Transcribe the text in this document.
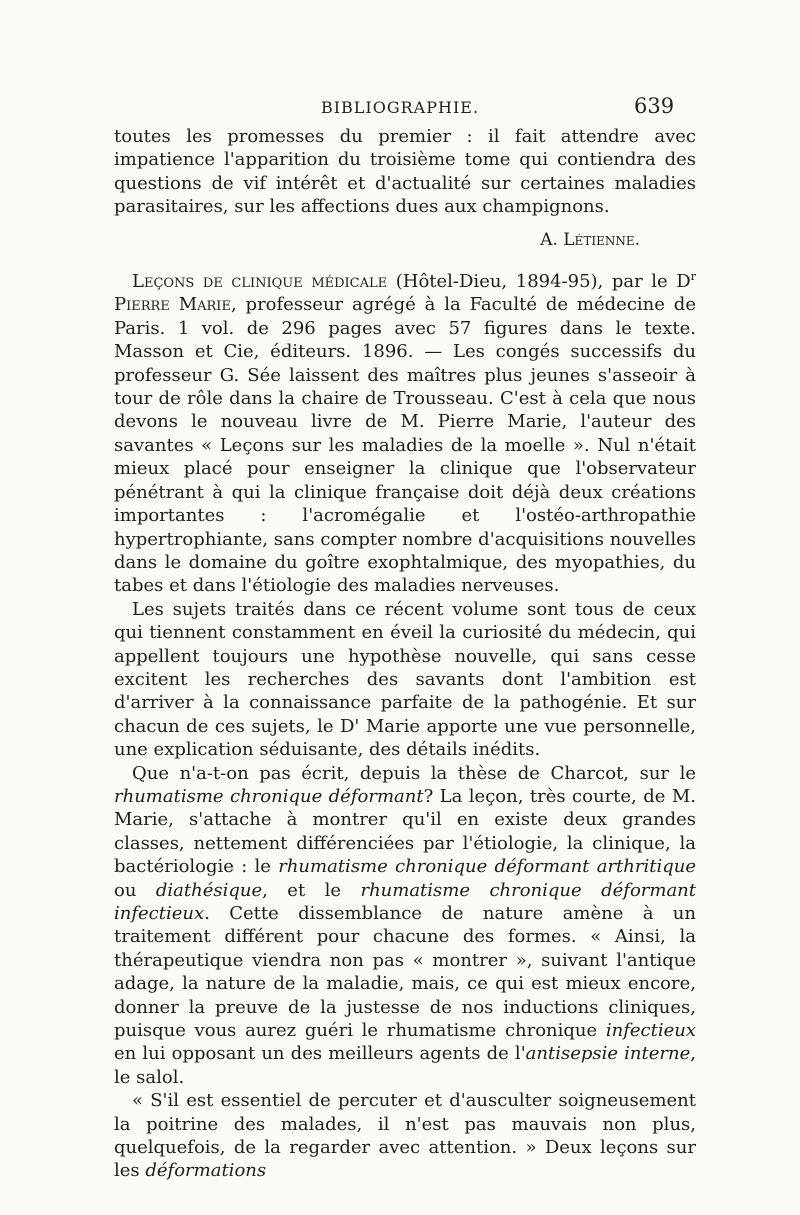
BIBLIOGRAPHIE.	639

toutes les promesses du premier : il fait attendre avec impatience l'apparition du troisième tome qui contiendra des questions de vif intérêt et d'actualité sur certaines maladies parasitaires, sur les affections dues aux champignons.

A. Létienne.

Leçons de clinique médicale (Hôtel-Dieu, 1894-95), par le $D^r$ Pierre Marie, professeur agrégé à la Faculté de médecine de Paris. 1 vol. de 296 pages avec 57 figures dans le texte. Masson et Cie, éditeurs. 1896. — Les congés successifs du professeur G. Sée laissent des maîtres plus jeunes s'asseoir à tour de rôle dans la chaire de Trousseau. C'est à cela que nous devons le nouveau livre de M. Pierre Marie, l'auteur des savantes « Leçons sur les maladies de la moelle ». Nul n'était mieux placé pour enseigner la clinique que l'observateur pénétrant à qui la clinique française doit déjà deux créations importantes : l'acromégalie et l'ostéo-arthropathie hypertrophiante, sans compter nombre d'acquisitions nouvelles dans le domaine du goître exophtalmique, des myopathies, du tabes et dans l'étiologie des maladies nerveuses.

Les sujets traités dans ce récent volume sont tous de ceux qui tiennent constamment en éveil la curiosité du médecin, qui appellent toujours une hypothèse nouvelle, qui sans cesse excitent les recherches des savants dont l'ambition est d'arriver à la connaissance parfaite de la pathogénie. Et sur chacun de ces sujets, le D' Marie apporte une vue personnelle, une explication séduisante, des détails inédits.

Que n'a-t-on pas écrit, depuis la thèse de Charcot, sur le rhumatisme chronique déformant? La leçon, très courte, de M. Marie, s'attache à montrer qu'il en existe deux grandes classes, nettement différenciées par l'étiologie, la clinique, la bactériologie : le rhumatisme chronique déformant arthritique ou diathésique, et le rhumatisme chronique déformant infectieux. Cette dissemblance de nature amène à un traitement différent pour chacune des formes. « Ainsi, la thérapeutique viendra non pas « montrer », suivant l'antique adage, la nature de la maladie, mais, ce qui est mieux encore, donner la preuve de la justesse de nos inductions cliniques, puisque vous aurez guéri le rhumatisme chronique infectieux en lui opposant un des meilleurs agents de l'antisepsie interne, le salol.

« S'il est essentiel de percuter et d'ausculter soigneusement la poitrine des malades, il n'est pas mauvais non plus, quelquefois, de la regarder avec attention. » Deux leçons sur les déformations
